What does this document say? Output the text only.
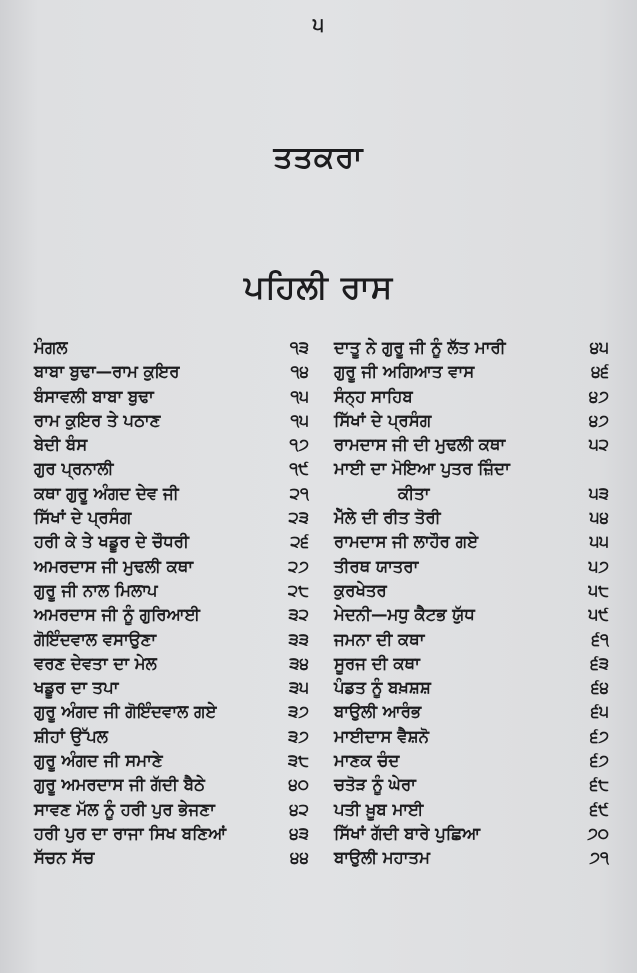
੫
ਤਤਕਰਾ
ਪਹਿਲੀ ਰਾਸ
ਮੰਗਲ	੧੩
ਬਾਬਾ ਬੁਢਾ—ਰਾਮ ਕੁਇਰ	੧੪
ਬੰਸਾਵਲੀ ਬਾਬਾ ਬੁਢਾ	੧੫
ਰਾਮ ਕੁਇਰ ਤੇ ਪਠਾਣ	੧੫
ਬੇਦੀ ਬੰਸ	੧੭
ਗੁਰ ਪ੍ਰਨਾਲੀ	੧੯
ਕਥਾ ਗੁਰੂ ਅੰਗਦ ਦੇਵ ਜੀ	੨੧
ਸਿੱਖਾਂ ਦੇ ਪ੍ਰਸੰਗ	੨੩
ਹਰੀ ਕੇ ਤੇ ਖਡੂਰ ਦੇ ਚੌਧਰੀ	੨੬
ਅਮਰਦਾਸ ਜੀ ਮੁਢਲੀ ਕਥਾ	੨੭
ਗੁਰੂ ਜੀ ਨਾਲ ਮਿਲਾਪ	੨੮
ਅਮਰਦਾਸ ਜੀ ਨੂੰ ਗੁਰਿਆਈ	੩੨
ਗੋਇੰਦਵਾਲ ਵਸਾਉਣਾ	੩੩
ਵਰਣ ਦੇਵਤਾ ਦਾ ਮੇਲ	੩੪
ਖਡੂਰ ਦਾ ਤਪਾ	੩੫
ਗੁਰੂ ਅੰਗਦ ਜੀ ਗੋਇੰਦਵਾਲ ਗਏ	੩੭
ਸ਼ੀਹਾਂ ਉੱਪਲ	੩੭
ਗੁਰੂ ਅੰਗਦ ਜੀ ਸਮਾਣੇ	੩੮
ਗੁਰੂ ਅਮਰਦਾਸ ਜੀ ਗੱਦੀ ਬੈਠੇ	੪੦
ਸਾਵਣ ਮੱਲ ਨੂੰ ਹਰੀ ਪੁਰ ਭੇਜਣਾ	੪੨
ਹਰੀ ਪੁਰ ਦਾ ਰਾਜਾ ਸਿਖ ਬਣਿਆਂ	੪੩
ਸੱਚਨ ਸੱਚ	੪੪
ਦਾਤੂ ਨੇ ਗੁਰੂ ਜੀ ਨੂੰ ਲੱਤ ਮਾਰੀ	੪੫
ਗੁਰੂ ਜੀ ਅਗਿਆਤ ਵਾਸ	੪੬
ਸੰਨ੍ਹ ਸਾਹਿਬ	੪੭
ਸਿੱਖਾਂ ਦੇ ਪ੍ਰਸੰਗ	੪੭
ਰਾਮਦਾਸ ਜੀ ਦੀ ਮੁਢਲੀ ਕਥਾ	੫੨
ਮਾਈ ਦਾ ਮੋਇਆ ਪੁਤਰ ਜ਼ਿੰਦਾ
ਕੀਤਾ	੫੩
ਮੇੱਲੇ ਦੀ ਰੀਤ ਤੋਰੀ	੫੪
ਰਾਮਦਾਸ ਜੀ ਲਾਹੌਰ ਗਏ	੫੫
ਤੀਰਥ ਯਾਤਰਾ	੫੭
ਕੁਰਖੇਤਰ	੫੮
ਮੇਦਨੀ—ਮਧੁ ਕੈਟਭ ਯੁੱਧ	੫੯
ਜਮਨਾ ਦੀ ਕਥਾ	੬੧
ਸੂਰਜ ਦੀ ਕਥਾ	੬੩
ਪੰਡਤ ਨੂੰ ਬਖ਼ਸ਼ਸ਼	੬੪
ਬਾਉਲੀ ਆਰੰਭ	੬੫
ਮਾਈਦਾਸ ਵੈਸ਼ਨੋ	੬੭
ਮਾਣਕ ਚੰਦ	੬੭
ਚਤੋੜ ਨੂੰ ਘੇਰਾ	੬੮
ਪਤੀ ਖ਼ੂਬ ਮਾਈ	੬੯
ਸਿੱਖਾਂ ਗੱਦੀ ਬਾਰੇ ਪੁਛਿਆ	੭੦
ਬਾਉਲੀ ਮਹਾਤਮ	੭੧
